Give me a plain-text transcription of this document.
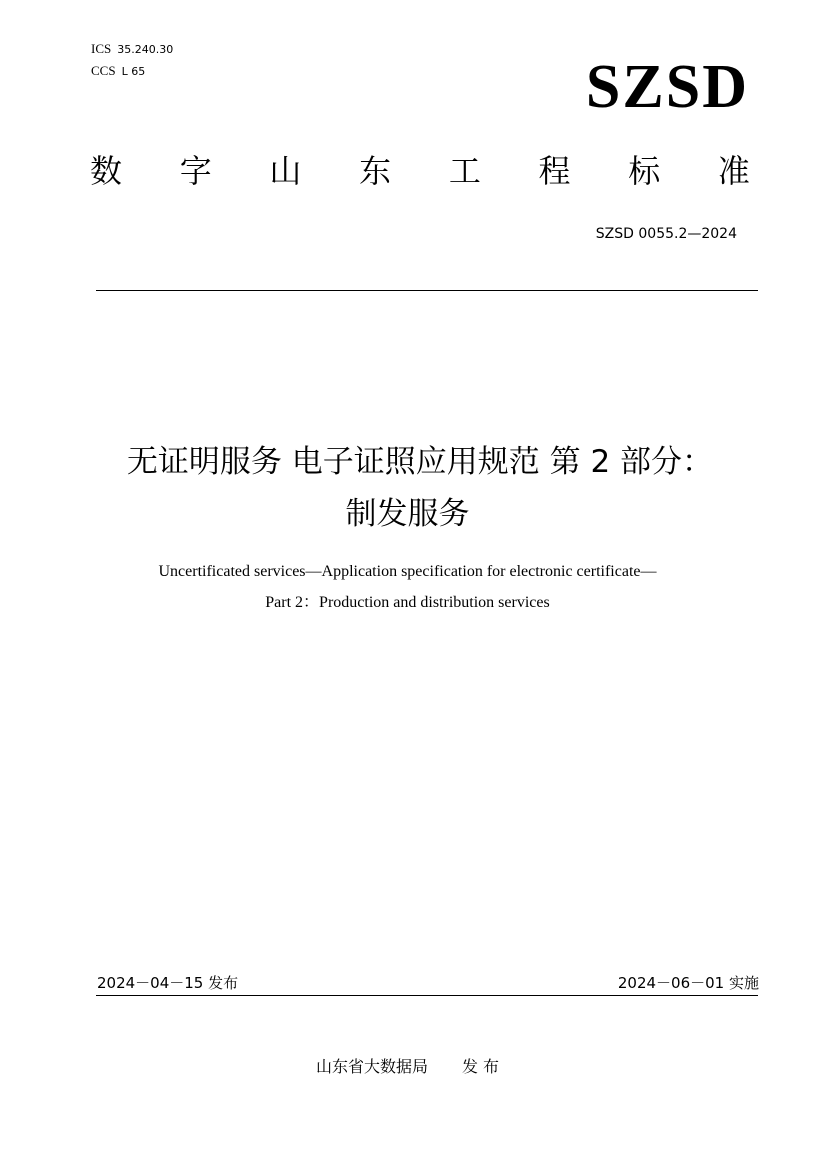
ICS 35.240.30
CCS L 65	SZSD
数 字 山 东 工 程 标 准
SZSD 0055.2—2024
无证明服务 电子证照应用规范 第 2 部分：
制发服务
Uncertificated services—Application specification for electronic certificate—
Part 2：Production and distribution services
2024－04－15 发布	2024－06－01 实施
山东省大数据局 发 布
